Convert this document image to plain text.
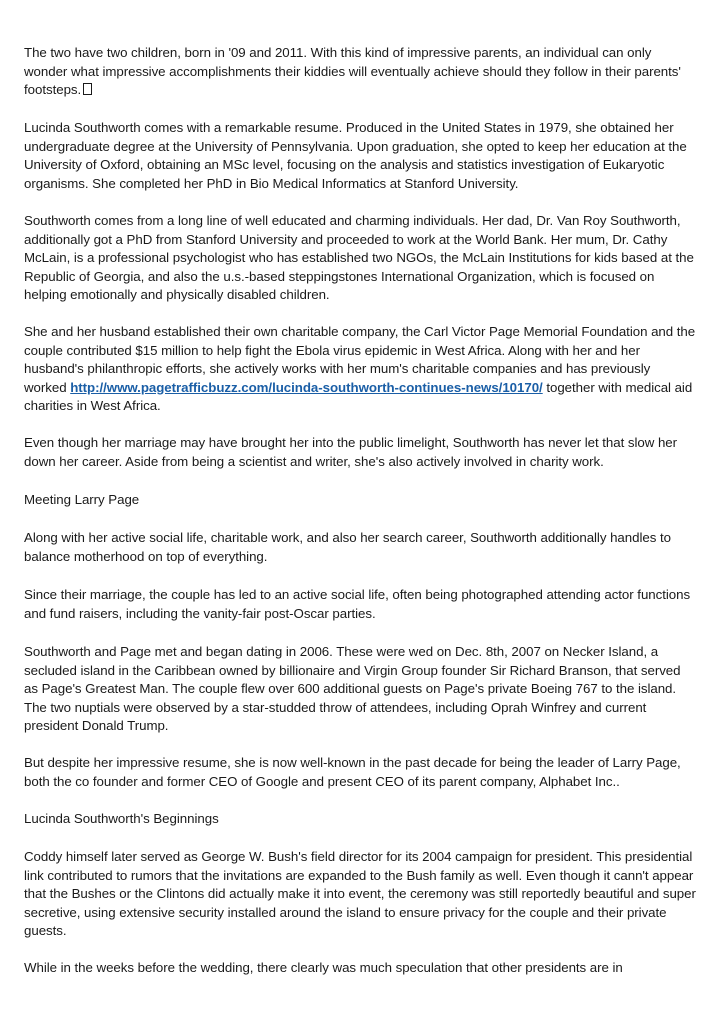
The two have two children, born in '09 and 2011. With this kind of impressive parents, an individual can only wonder what impressive accomplishments their kiddies will eventually achieve should they follow in their parents' footsteps.

Lucinda Southworth comes with a remarkable resume. Produced in the United States in 1979, she obtained her undergraduate degree at the University of Pennsylvania. Upon graduation, she opted to keep her education at the University of Oxford, obtaining an MSc level, focusing on the analysis and statistics investigation of Eukaryotic organisms. She completed her PhD in Bio Medical Informatics at Stanford University.

Southworth comes from a long line of well educated and charming individuals. Her dad, Dr. Van Roy Southworth, additionally got a PhD from Stanford University and proceeded to work at the World Bank. Her mum, Dr. Cathy McLain, is a professional psychologist who has established two NGOs, the McLain Institutions for kids based at the Republic of Georgia, and also the u.s.-based steppingstones International Organization, which is focused on helping emotionally and physically disabled children.

She and her husband established their own charitable company, the Carl Victor Page Memorial Foundation and the couple contributed $15 million to help fight the Ebola virus epidemic in West Africa. Along with her and her husband's philanthropic efforts, she actively works with her mum's charitable companies and has previously worked http://www.pagetrafficbuzz.com/lucinda-southworth-continues-news/10170/ together with medical aid charities in West Africa.

Even though her marriage may have brought her into the public limelight, Southworth has never let that slow her down her career. Aside from being a scientist and writer, she's also actively involved in charity work.

Meeting Larry Page

Along with her active social life, charitable work, and also her search career, Southworth additionally handles to balance motherhood on top of everything.

Since their marriage, the couple has led to an active social life, often being photographed attending actor functions and fund raisers, including the vanity-fair post-Oscar parties.

Southworth and Page met and began dating in 2006. These were wed on Dec. 8th, 2007 on Necker Island, a secluded island in the Caribbean owned by billionaire and Virgin Group founder Sir Richard Branson, that served as Page's Greatest Man. The couple flew over 600 additional guests on Page's private Boeing 767 to the island. The two nuptials were observed by a star-studded throw of attendees, including Oprah Winfrey and current president Donald Trump.

But despite her impressive resume, she is now well-known in the past decade for being the leader of Larry Page, both the co founder and former CEO of Google and present CEO of its parent company, Alphabet Inc..

Lucinda Southworth's Beginnings

Coddy himself later served as George W. Bush's field director for its 2004 campaign for president. This presidential link contributed to rumors that the invitations are expanded to the Bush family as well. Even though it cann't appear that the Bushes or the Clintons did actually make it into event, the ceremony was still reportedly beautiful and super secretive, using extensive security installed around the island to ensure privacy for the couple and their private guests.

While in the weeks before the wedding, there clearly was much speculation that other presidents are in
